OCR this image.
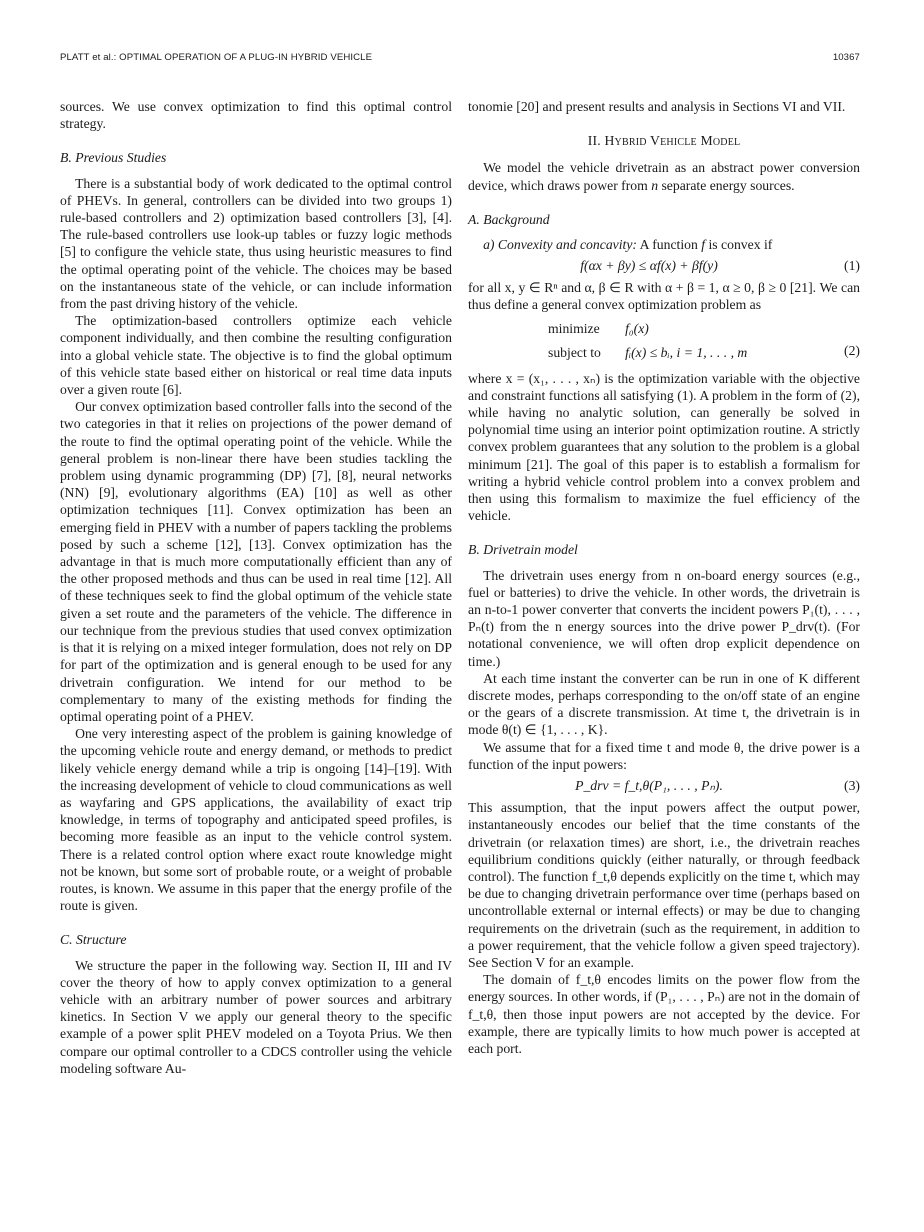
PLATT et al.: OPTIMAL OPERATION OF A PLUG-IN HYBRID VEHICLE	10367

sources. We use convex optimization to find this optimal control strategy.

B. Previous Studies

There is a substantial body of work dedicated to the optimal control of PHEVs. In general, controllers can be divided into two groups 1) rule-based controllers and 2) optimization based controllers [3], [4]. The rule-based controllers use look-up tables or fuzzy logic methods [5] to configure the vehicle state, thus using heuristic measures to find the optimal operating point of the vehicle. The choices may be based on the instantaneous state of the vehicle, or can include information from the past driving history of the vehicle.

The optimization-based controllers optimize each vehicle component individually, and then combine the resulting configuration into a global vehicle state. The objective is to find the global optimum of this vehicle state based either on historical or real time data inputs over a given route [6].

Our convex optimization based controller falls into the second of the two categories in that it relies on projections of the power demand of the route to find the optimal operating point of the vehicle. While the general problem is non-linear there have been studies tackling the problem using dynamic programming (DP) [7], [8], neural networks (NN) [9], evolutionary algorithms (EA) [10] as well as other optimization techniques [11]. Convex optimization has been an emerging field in PHEV with a number of papers tackling the problems posed by such a scheme [12], [13]. Convex optimization has the advantage in that is much more computationally efficient than any of the other proposed methods and thus can be used in real time [12]. All of these techniques seek to find the global optimum of the vehicle state given a set route and the parameters of the vehicle. The difference in our technique from the previous studies that used convex optimization is that it is relying on a mixed integer formulation, does not rely on DP for part of the optimization and is general enough to be used for any drivetrain configuration. We intend for our method to be complementary to many of the existing methods for finding the optimal operating point of a PHEV.

One very interesting aspect of the problem is gaining knowledge of the upcoming vehicle route and energy demand, or methods to predict likely vehicle energy demand while a trip is ongoing [14]–[19]. With the increasing development of vehicle to cloud communications as well as wayfaring and GPS applications, the availability of exact trip knowledge, in terms of topography and anticipated speed profiles, is becoming more feasible as an input to the vehicle control system. There is a related control option where exact route knowledge might not be known, but some sort of probable route, or a weight of probable routes, is known. We assume in this paper that the energy profile of the route is given.

C. Structure

We structure the paper in the following way. Section II, III and IV cover the theory of how to apply convex optimization to a general vehicle with an arbitrary number of power sources and arbitrary kinetics. In Section V we apply our general theory to the specific example of a power split PHEV modeled on a Toyota Prius. We then compare our optimal controller to a CDCS controller using the vehicle modeling software Au-

tonomie [20] and present results and analysis in Sections VI and VII.

II. Hybrid Vehicle Model

We model the vehicle drivetrain as an abstract power conversion device, which draws power from n separate energy sources.

A. Background

a) Convexity and concavity: A function f is convex if

f(αx + βy) ≤ αf(x) + βf(y)	(1)

for all x, y ∈ Rⁿ and α, β ∈ R with α + β = 1, α ≥ 0, β ≥ 0 [21]. We can thus define a general convex optimization problem as

minimize f₀(x)
subject to fᵢ(x) ≤ bᵢ, i = 1, . . . , m	(2)

where x = (x₁, . . . , xₙ) is the optimization variable with the objective and constraint functions all satisfying (1). A problem in the form of (2), while having no analytic solution, can generally be solved in polynomial time using an interior point optimization routine. A strictly convex problem guarantees that any solution to the problem is a global minimum [21]. The goal of this paper is to establish a formalism for writing a hybrid vehicle control problem into a convex problem and then using this formalism to maximize the fuel efficiency of the vehicle.

B. Drivetrain model

The drivetrain uses energy from n on-board energy sources (e.g., fuel or batteries) to drive the vehicle. In other words, the drivetrain is an n-to-1 power converter that converts the incident powers P₁(t), . . . , Pₙ(t) from the n energy sources into the drive power P_drv(t). (For notational convenience, we will often drop explicit dependence on time.)

At each time instant the converter can be run in one of K different discrete modes, perhaps corresponding to the on/off state of an engine or the gears of a discrete transmission. At time t, the drivetrain is in mode θ(t) ∈ {1, . . . , K}.

We assume that for a fixed time t and mode θ, the drive power is a function of the input powers:

P_drv = f_t,θ(P₁, . . . , Pₙ).	(3)

This assumption, that the input powers affect the output power, instantaneously encodes our belief that the time constants of the drivetrain (or relaxation times) are short, i.e., the drivetrain reaches equilibrium conditions quickly (either naturally, or through feedback control). The function f_t,θ depends explicitly on the time t, which may be due to changing drivetrain performance over time (perhaps based on uncontrollable external or internal effects) or may be due to changing requirements on the drivetrain (such as the requirement, in addition to a power requirement, that the vehicle follow a given speed trajectory). See Section V for an example.

The domain of f_t,θ encodes limits on the power flow from the energy sources. In other words, if (P₁, . . . , Pₙ) are not in the domain of f_t,θ, then those input powers are not accepted by the device. For example, there are typically limits to how much power is accepted at each port.
